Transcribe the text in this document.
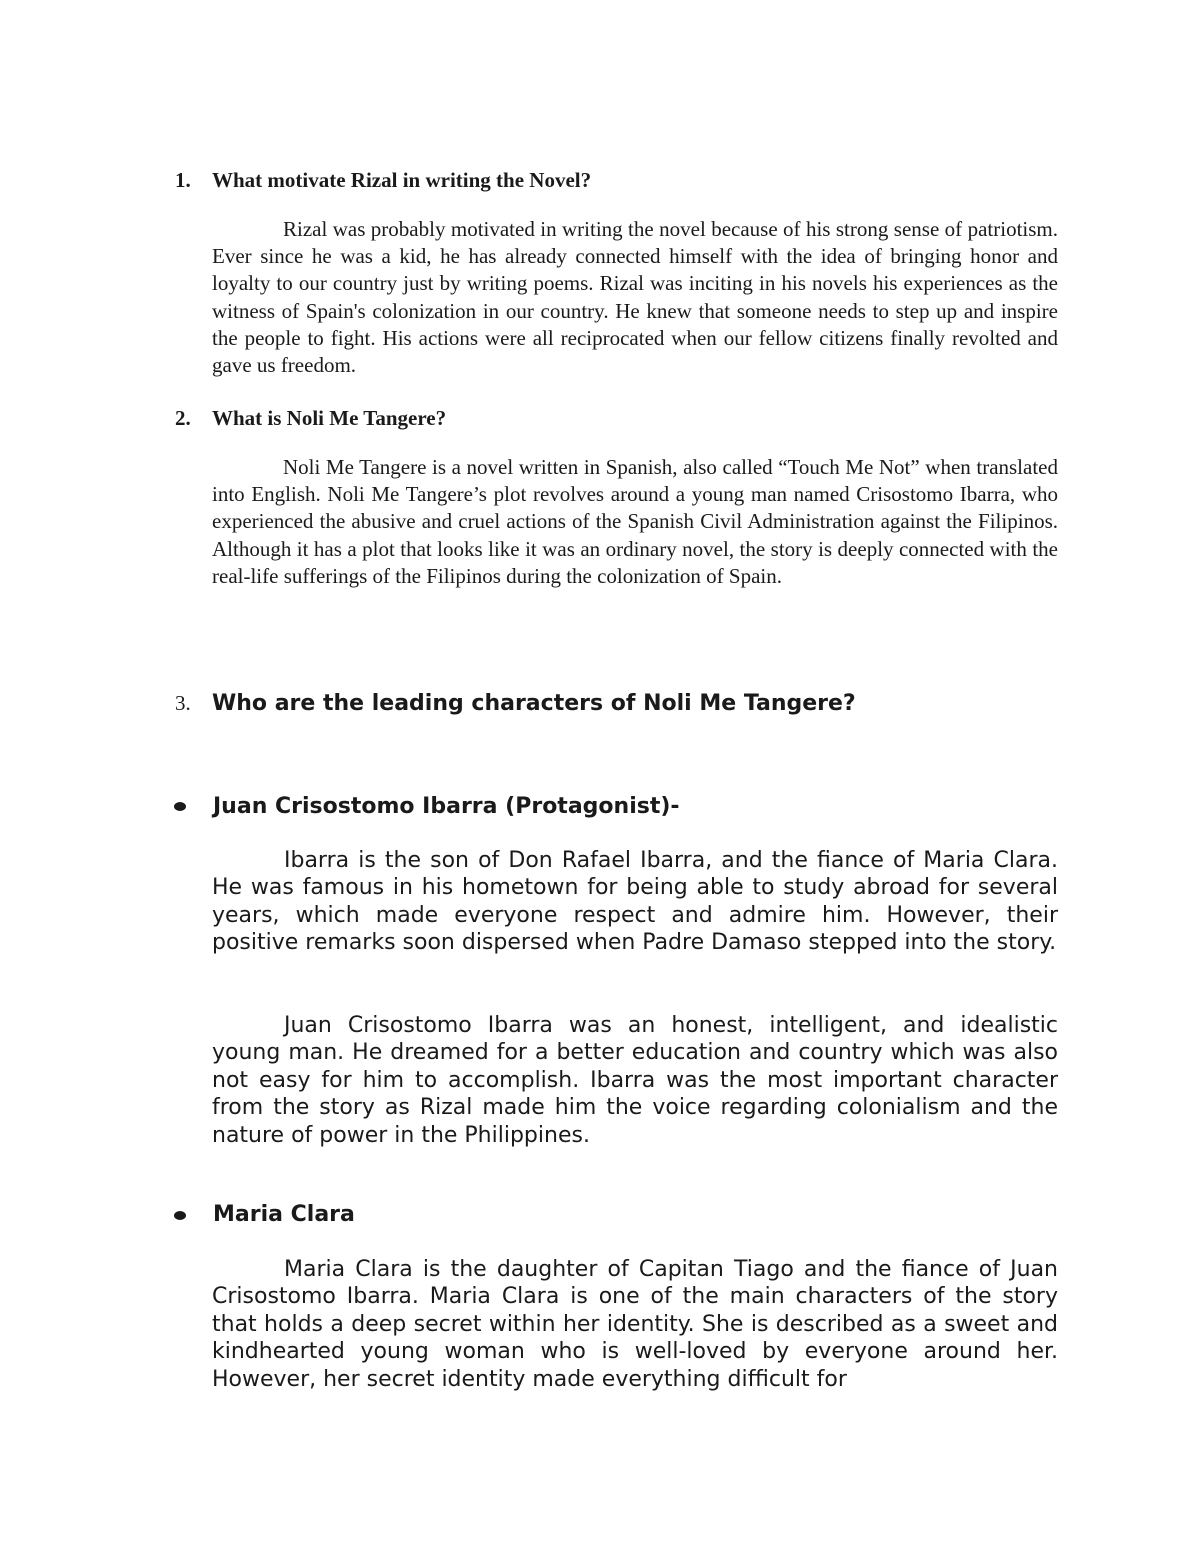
1. What motivate Rizal in writing the Novel?

Rizal was probably motivated in writing the novel because of his strong sense of patriotism. Ever since he was a kid, he has already connected himself with the idea of bringing honor and loyalty to our country just by writing poems. Rizal was inciting in his novels his experiences as the witness of Spain's colonization in our country. He knew that someone needs to step up and inspire the people to fight. His actions were all reciprocated when our fellow citizens finally revolted and gave us freedom.

2. What is Noli Me Tangere?

Noli Me Tangere is a novel written in Spanish, also called “Touch Me Not” when translated into English. Noli Me Tangere’s plot revolves around a young man named Crisostomo Ibarra, who experienced the abusive and cruel actions of the Spanish Civil Administration against the Filipinos. Although it has a plot that looks like it was an ordinary novel, the story is deeply connected with the real-life sufferings of the Filipinos during the colonization of Spain.

3. Who are the leading characters of Noli Me Tangere?
Juan Crisostomo Ibarra (Protagonist)-

Ibarra is the son of Don Rafael Ibarra, and the fiance of Maria Clara. He was famous in his hometown for being able to study abroad for several years, which made everyone respect and admire him. However, their positive remarks soon dispersed when Padre Damaso stepped into the story.

Juan Crisostomo Ibarra was an honest, intelligent, and idealistic young man. He dreamed for a better education and country which was also not easy for him to accomplish. Ibarra was the most important character from the story as Rizal made him the voice regarding colonialism and the nature of power in the Philippines.

Maria Clara

Maria Clara is the daughter of Capitan Tiago and the fiance of Juan Crisostomo Ibarra. Maria Clara is one of the main characters of the story that holds a deep secret within her identity. She is described as a sweet and kindhearted young woman who is well-loved by everyone around her. However, her secret identity made everything difficult for
